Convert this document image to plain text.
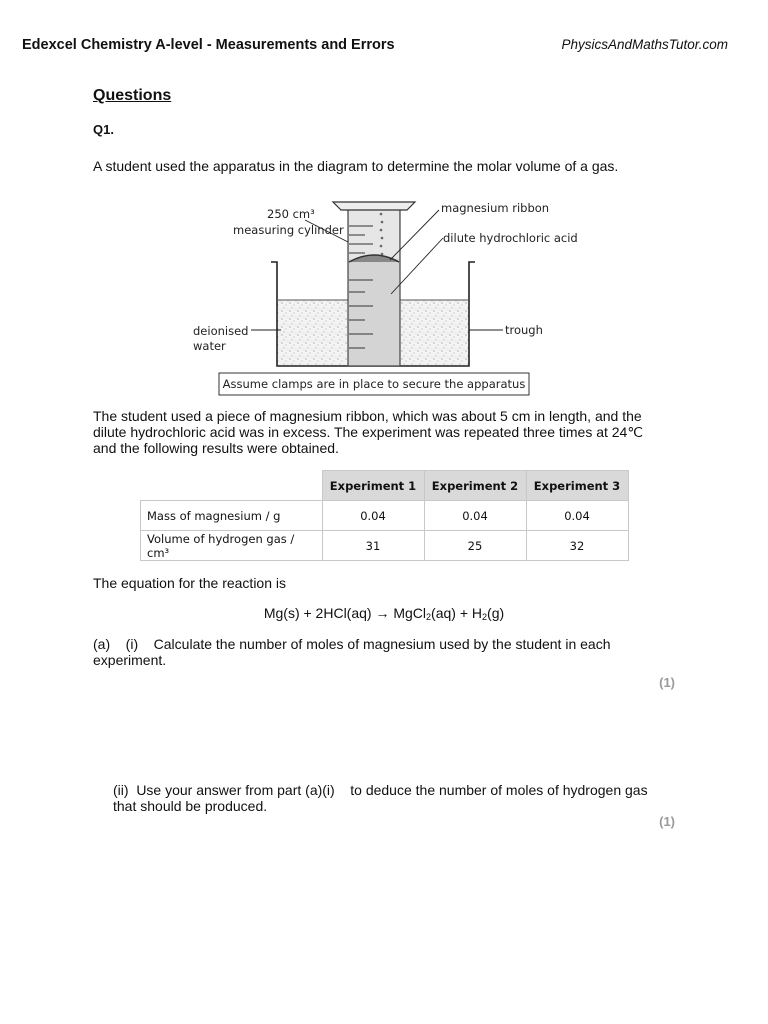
Edexcel Chemistry A-level - Measurements and Errors	PhysicsAndMathsTutor.com
Questions
Q1.
A student used the apparatus in the diagram to determine the molar volume of a gas.
250 cm³
measuring cylinder
magnesium ribbon
dilute hydrochloric acid
deionised
water
trough
Assume clamps are in place to secure the apparatus
The student used a piece of magnesium ribbon, which was about 5 cm in length, and the
dilute hydrochloric acid was in excess. The experiment was repeated three times at 24℃
and the following results were obtained.
	Experiment 1	Experiment 2	Experiment 3
Mass of magnesium / g	0.04	0.04	0.04
Volume of hydrogen gas / cm³	31	25	32
The equation for the reaction is
Mg(s) + 2HCl(aq) → MgCl$_2$(aq) + $H_2(g)$
(a)    (i)    Calculate the number of moles of magnesium used by the student in each
experiment.
(1)
(ii)  Use your answer from part (a)(i)    to deduce the number of moles of hydrogen gas
that should be produced.
(1)
